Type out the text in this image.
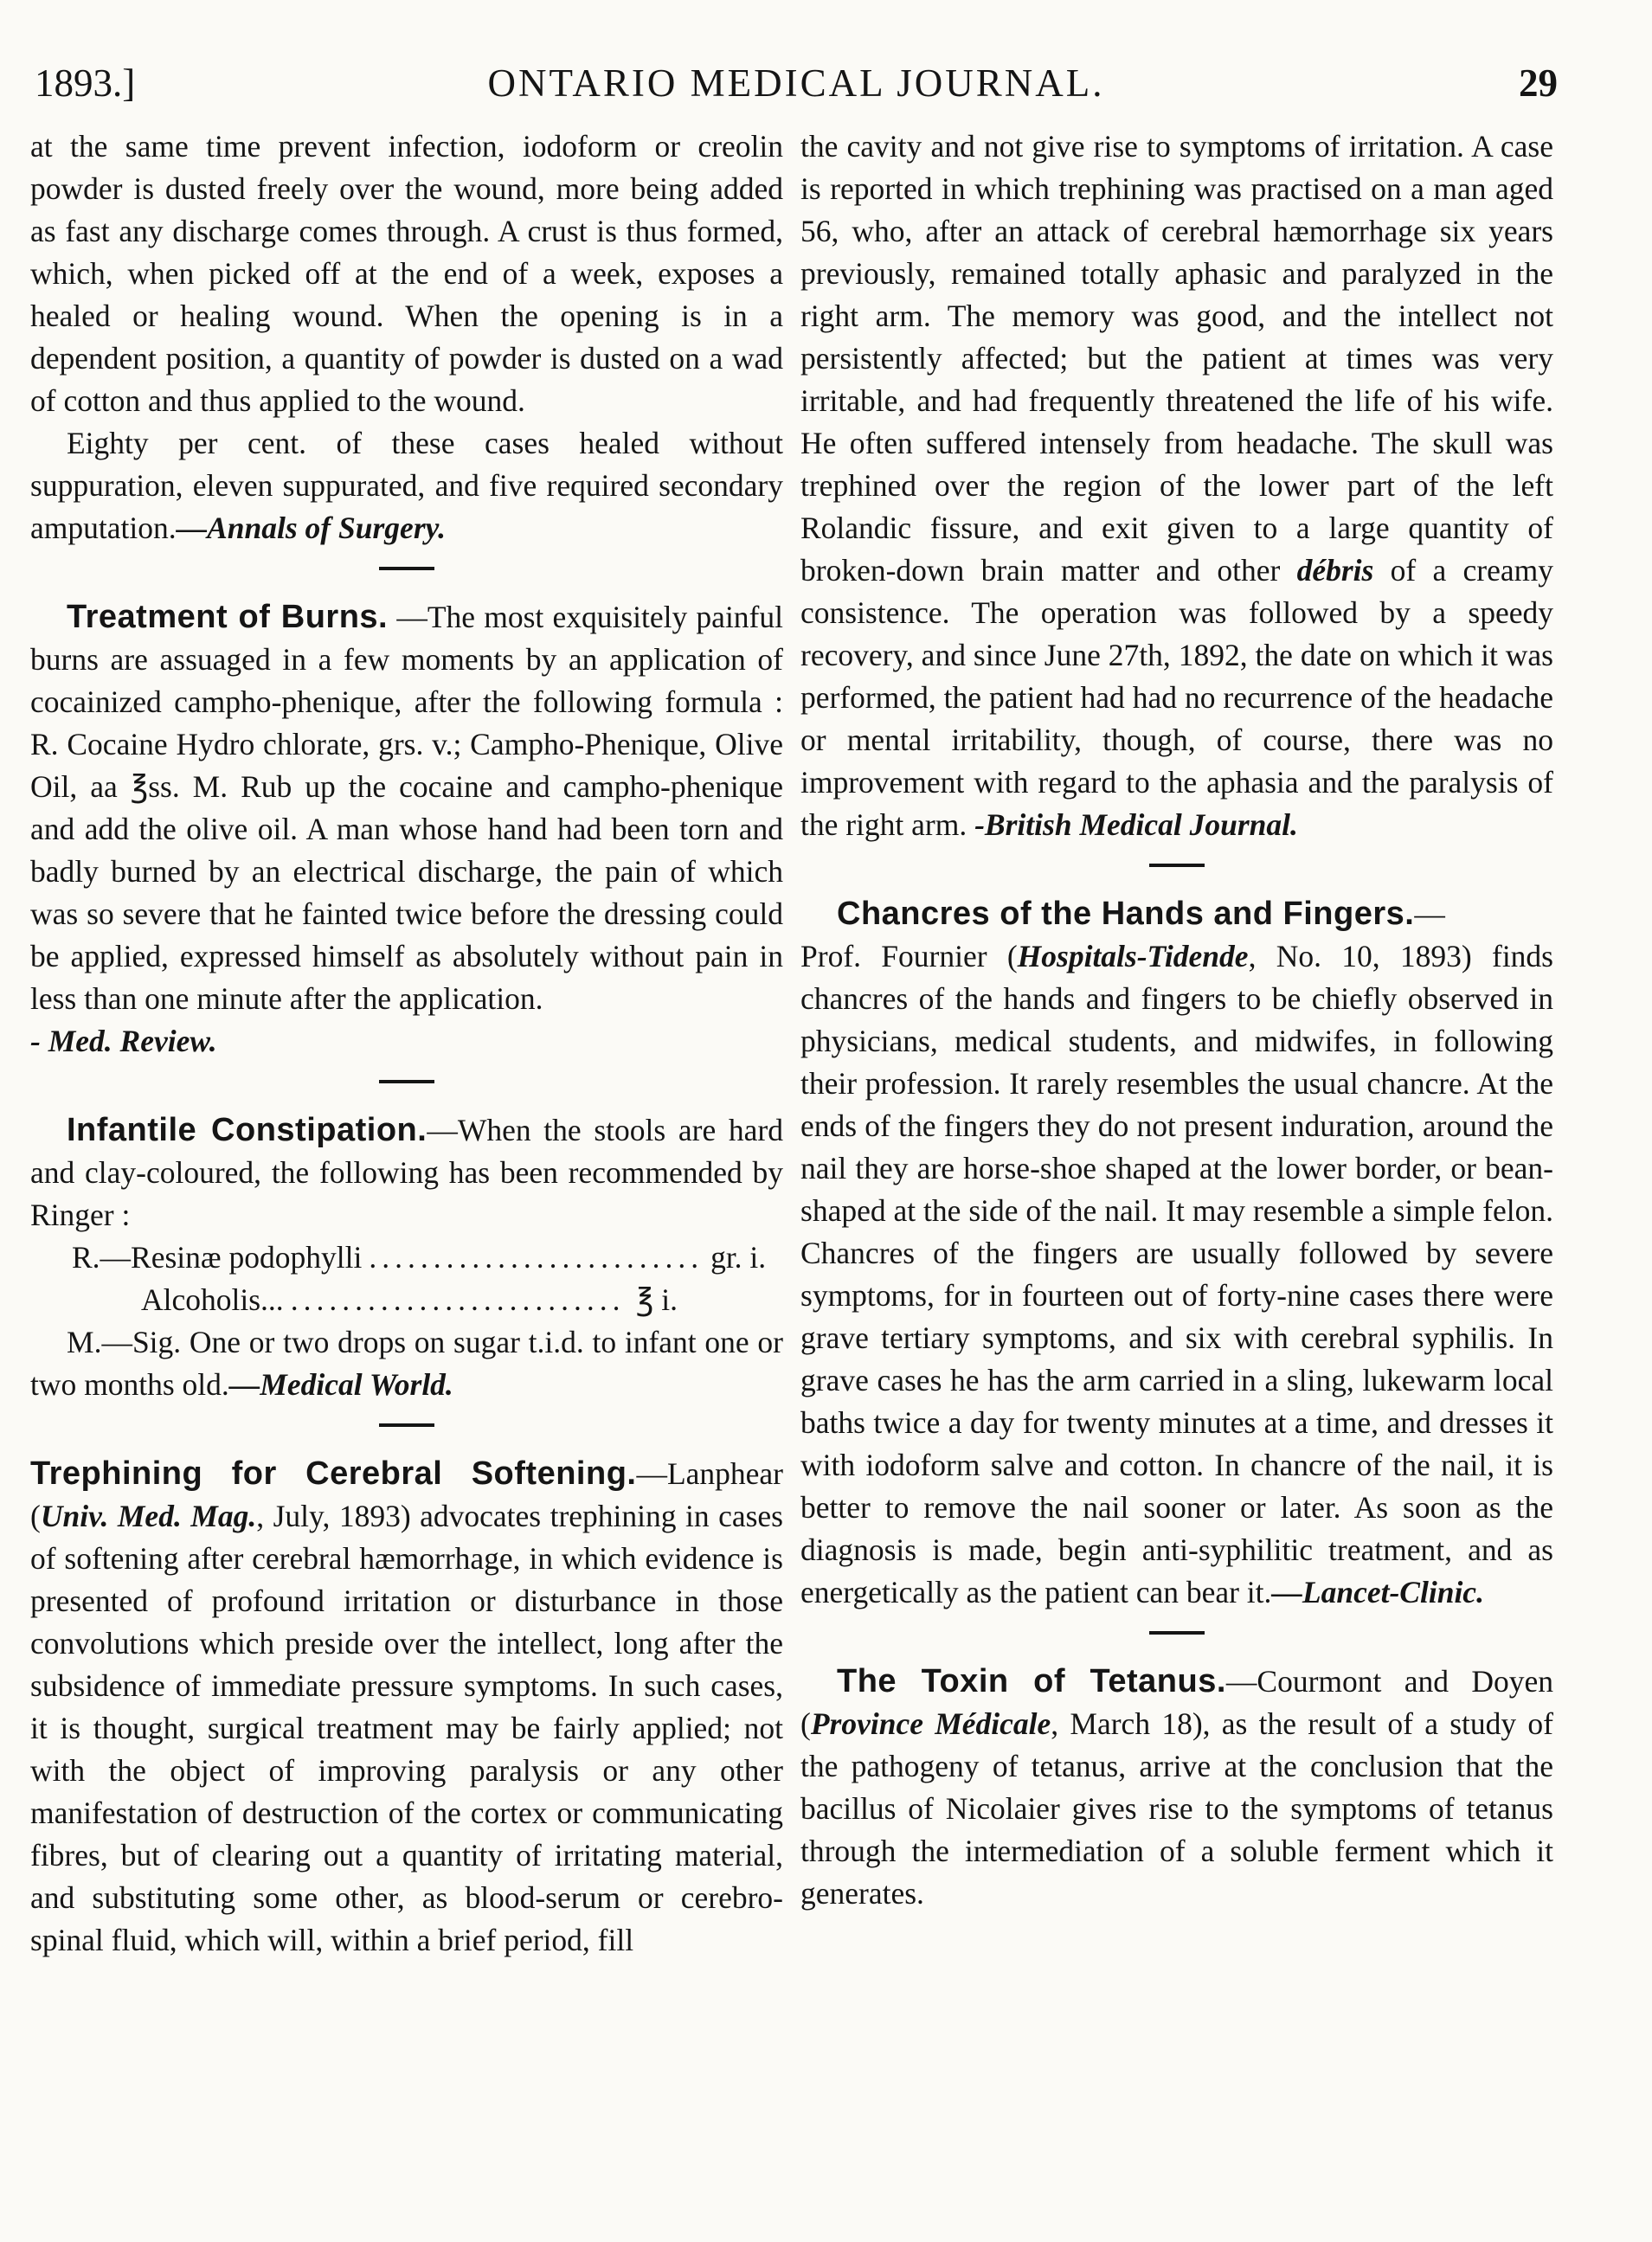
1893.]	ONTARIO MEDICAL JOURNAL.	29

at the same time prevent infection, iodoform or creolin powder is dusted freely over the wound, more being added as fast any discharge comes through. A crust is thus formed, which, when picked off at the end of a week, exposes a healed or healing wound. When the opening is in a dependent position, a quantity of powder is dusted on a wad of cotton and thus applied to the wound.

Eighty per cent. of these cases healed without suppuration, eleven suppurated, and five required secondary amputation.—Annals of Surgery.

Treatment of Burns. —The most exquisitely painful burns are assuaged in a few moments by an application of cocainized campho-phenique, after the following formula : R. Cocaine Hydro chlorate, grs. v.; Campho-Phenique, Olive Oil, aa ℥ss. M. Rub up the cocaine and campho-phenique and add the olive oil. A man whose hand had been torn and badly burned by an electrical discharge, the pain of which was so severe that he fainted twice before the dressing could be applied, expressed himself as absolutely without pain in less than one minute after the application.

- Med. Review.

Infantile Constipation.—When the stools are hard and clay-coloured, the following has been recommended by Ringer :

R.—Resinæ podophylli .......................... gr. i.
Alcoholis... .......................... ℥ i.

M.—Sig. One or two drops on sugar t.i.d. to infant one or two months old.—Medical World.

Trephining for Cerebral Softening.—Lanphear (Univ. Med. Mag., July, 1893) advocates trephining in cases of softening after cerebral hæmorrhage, in which evidence is presented of profound irritation or disturbance in those convolutions which preside over the intellect, long after the subsidence of immediate pressure symptoms. In such cases, it is thought, surgical treatment may be fairly applied; not with the object of improving paralysis or any other manifestation of destruction of the cortex or communicating fibres, but of clearing out a quantity of irritating material, and substituting some other, as blood-serum or cerebro-spinal fluid, which will, within a brief period, fill

the cavity and not give rise to symptoms of irritation. A case is reported in which trephining was practised on a man aged 56, who, after an attack of cerebral hæmorrhage six years previously, remained totally aphasic and paralyzed in the right arm. The memory was good, and the intellect not persistently affected; but the patient at times was very irritable, and had frequently threatened the life of his wife. He often suffered intensely from headache. The skull was trephined over the region of the lower part of the left Rolandic fissure, and exit given to a large quantity of broken-down brain matter and other débris of a creamy consistence. The operation was followed by a speedy recovery, and since June 27th, 1892, the date on which it was performed, the patient had had no recurrence of the headache or mental irritability, though, of course, there was no improvement with regard to the aphasia and the paralysis of the right arm. -British Medical Journal.

Chancres of the Hands and Fingers.—

Prof. Fournier (Hospitals-Tidende, No. 10, 1893) finds chancres of the hands and fingers to be chiefly observed in physicians, medical students, and midwifes, in following their profession. It rarely resembles the usual chancre. At the ends of the fingers they do not present induration, around the nail they are horse-shoe shaped at the lower border, or bean-shaped at the side of the nail. It may resemble a simple felon. Chancres of the fingers are usually followed by severe symptoms, for in fourteen out of forty-nine cases there were grave tertiary symptoms, and six with cerebral syphilis. In grave cases he has the arm carried in a sling, lukewarm local baths twice a day for twenty minutes at a time, and dresses it with iodoform salve and cotton. In chancre of the nail, it is better to remove the nail sooner or later. As soon as the diagnosis is made, begin anti-syphilitic treatment, and as energetically as the patient can bear it.—Lancet-Clinic.

The Toxin of Tetanus.—Courmont and Doyen (Province Médicale, March 18), as the result of a study of the pathogeny of tetanus, arrive at the conclusion that the bacillus of Nicolaier gives rise to the symptoms of tetanus through the intermediation of a soluble ferment which it generates.
